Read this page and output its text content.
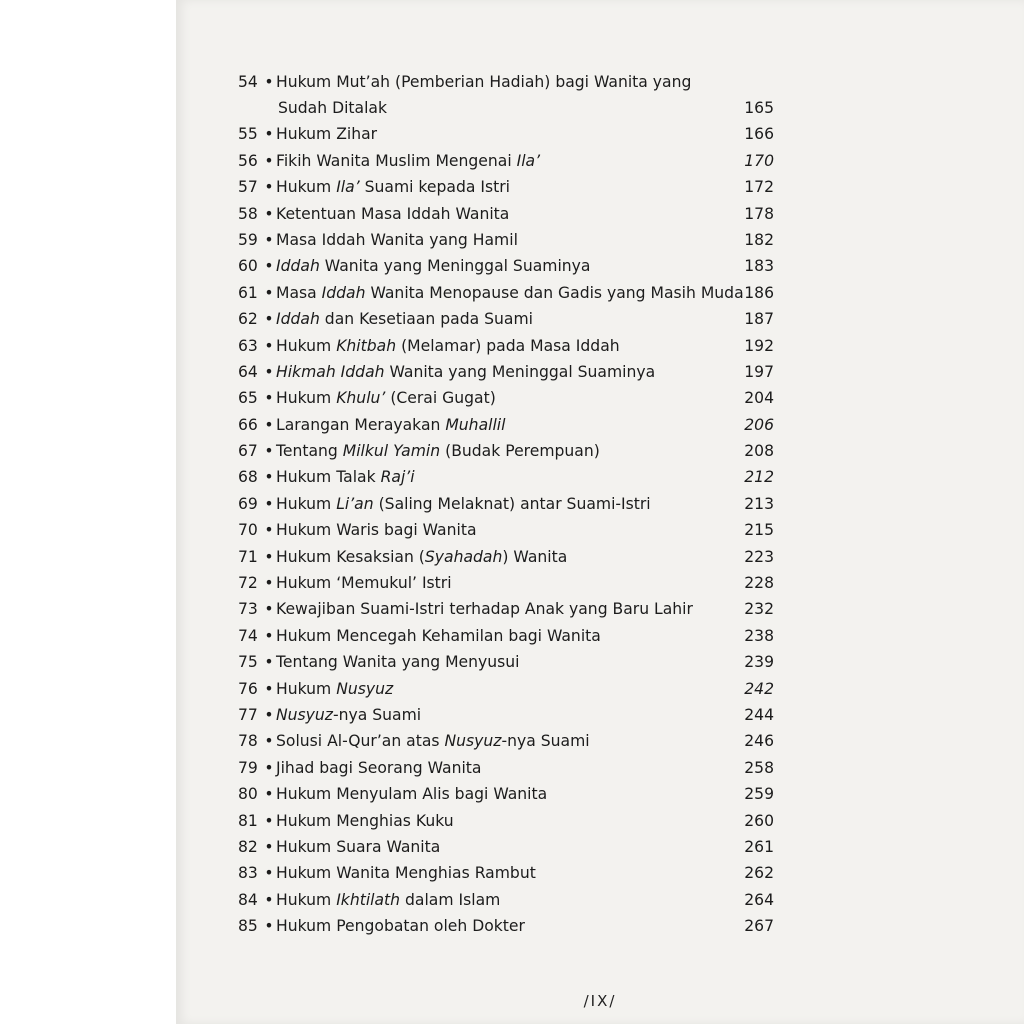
54 • Hukum Mut’ah (Pemberian Hadiah) bagi Wanita yang
Sudah Ditalak	165
55 • Hukum Zihar	166
56 • Fikih Wanita Muslim Mengenai Ila’	170
57 • Hukum Ila’ Suami kepada Istri	172
58 • Ketentuan Masa Iddah Wanita	178
59 • Masa Iddah Wanita yang Hamil	182
60 • Iddah Wanita yang Meninggal Suaminya	183
61 • Masa Iddah Wanita Menopause dan Gadis yang Masih Muda 186
62 • Iddah dan Kesetiaan pada Suami	187
63 • Hukum Khitbah (Melamar) pada Masa Iddah	192
64 • Hikmah Iddah Wanita yang Meninggal Suaminya	197
65 • Hukum Khulu’ (Cerai Gugat)	204
66 • Larangan Merayakan Muhallil	206
67 • Tentang Milkul Yamin (Budak Perempuan)	208
68 • Hukum Talak Raj’i	212
69 • Hukum Li’an (Saling Melaknat) antar Suami-Istri	213
70 • Hukum Waris bagi Wanita	215
71 • Hukum Kesaksian (Syahadah) Wanita	223
72 • Hukum ‘Memukul’ Istri	228
73 • Kewajiban Suami-Istri terhadap Anak yang Baru Lahir	232
74 • Hukum Mencegah Kehamilan bagi Wanita	238
75 • Tentang Wanita yang Menyusui	239
76 • Hukum Nusyuz	242
77 • Nusyuz-nya Suami	244
78 • Solusi Al-Qur’an atas Nusyuz-nya Suami	246
79 • Jihad bagi Seorang Wanita	258
80 • Hukum Menyulam Alis bagi Wanita	259
81 • Hukum Menghias Kuku	260
82 • Hukum Suara Wanita	261
83 • Hukum Wanita Menghias Rambut	262
84 • Hukum Ikhtilath dalam Islam	264
85 • Hukum Pengobatan oleh Dokter	267
/IX/
